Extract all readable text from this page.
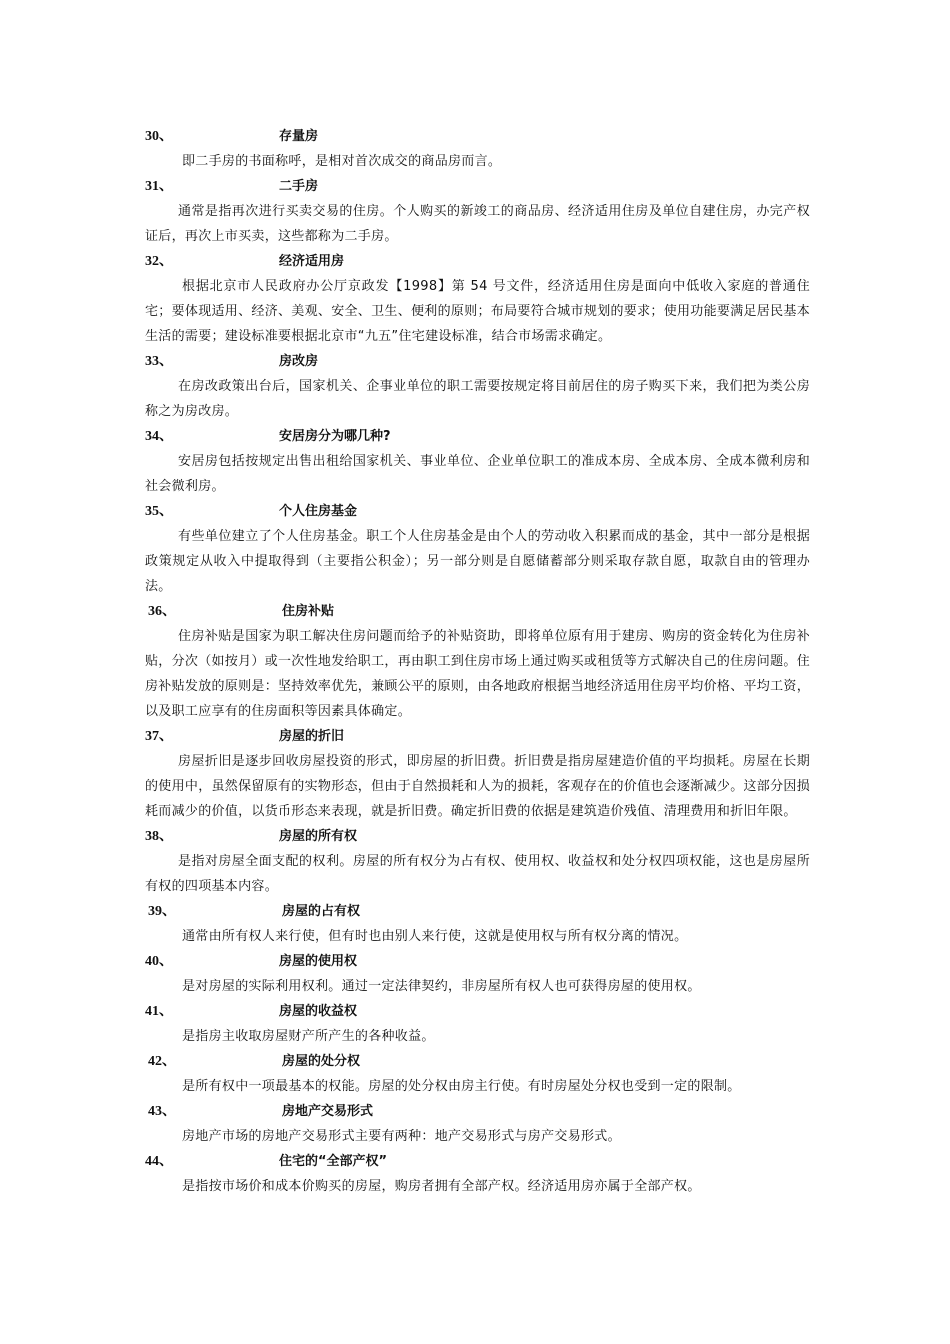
30、	存量房

即二手房的书面称呼，是相对首次成交的商品房而言。

31、	二手房

通常是指再次进行买卖交易的住房。个人购买的新竣工的商品房、经济适用住房及单位自建住房，办完产权证后，再次上市买卖，这些都称为二手房。

32、	经济适用房

根据北京市人民政府办公厅京政发【1998】第 54 号文件，经济适用住房是面向中低收入家庭的普通住宅；要体现适用、经济、美观、安全、卫生、便利的原则；布局要符合城市规划的要求；使用功能要满足居民基本生活的需要；建设标准要根据北京市“九五”住宅建设标准，结合市场需求确定。

33、	房改房

在房改政策出台后，国家机关、企事业单位的职工需要按规定将目前居住的房子购买下来，我们把为类公房称之为房改房。

34、	安居房分为哪几种?

安居房包括按规定出售出租给国家机关、事业单位、企业单位职工的准成本房、全成本房、全成本微利房和社会微利房。

35、	个人住房基金

有些单位建立了个人住房基金。职工个人住房基金是由个人的劳动收入积累而成的基金，其中一部分是根据政策规定从收入中提取得到（主要指公积金）；另一部分则是自愿储蓄部分则采取存款自愿，取款自由的管理办法。

36、	住房补贴

住房补贴是国家为职工解决住房问题而给予的补贴资助，即将单位原有用于建房、购房的资金转化为住房补贴，分次（如按月）或一次性地发给职工，再由职工到住房市场上通过购买或租赁等方式解决自己的住房问题。住房补贴发放的原则是：坚持效率优先，兼顾公平的原则，由各地政府根据当地经济适用住房平均价格、平均工资，以及职工应享有的住房面积等因素具体确定。

37、	房屋的折旧

房屋折旧是逐步回收房屋投资的形式，即房屋的折旧费。折旧费是指房屋建造价值的平均损耗。房屋在长期的使用中，虽然保留原有的实物形态，但由于自然损耗和人为的损耗，客观存在的价值也会逐渐减少。这部分因损耗而减少的价值，以货币形态来表现，就是折旧费。确定折旧费的依据是建筑造价残值、清理费用和折旧年限。

38、	房屋的所有权

是指对房屋全面支配的权利。房屋的所有权分为占有权、使用权、收益权和处分权四项权能，这也是房屋所有权的四项基本内容。

39、	房屋的占有权

通常由所有权人来行使，但有时也由别人来行使，这就是使用权与所有权分离的情况。

40、	房屋的使用权

是对房屋的实际利用权利。通过一定法律契约，非房屋所有权人也可获得房屋的使用权。

41、	房屋的收益权

是指房主收取房屋财产所产生的各种收益。

42、	房屋的处分权

是所有权中一项最基本的权能。房屋的处分权由房主行使。有时房屋处分权也受到一定的限制。

43、	房地产交易形式

房地产市场的房地产交易形式主要有两种：地产交易形式与房产交易形式。

44、	住宅的“全部产权”

是指按市场价和成本价购买的房屋，购房者拥有全部产权。经济适用房亦属于全部产权。
